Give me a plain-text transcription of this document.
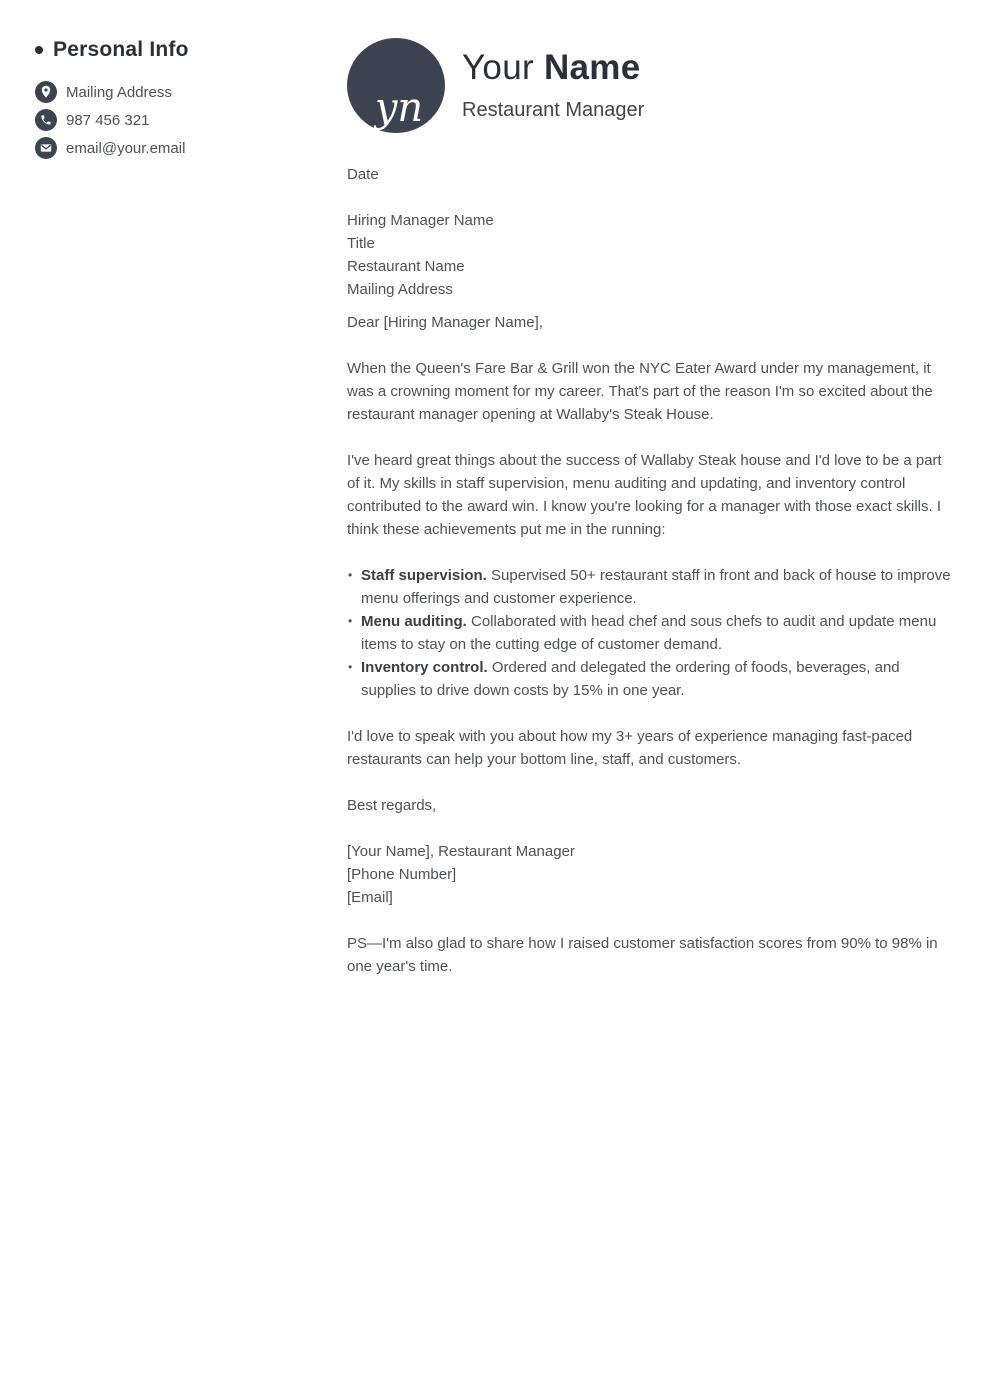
Personal Info
Mailing Address
987 456 321
email@your.email
yn
Your Name
Restaurant Manager

Date

Hiring Manager Name
Title
Restaurant Name
Mailing Address

Dear [Hiring Manager Name],

When the Queen's Fare Bar & Grill won the NYC Eater Award under my management, it was a crowning moment for my career. That's part of the reason I'm so excited about the restaurant manager opening at Wallaby's Steak House.

I've heard great things about the success of Wallaby Steak house and I'd love to be a part of it. My skills in staff supervision, menu auditing and updating, and inventory control contributed to the award win. I know you're looking for a manager with those exact skills. I think these achievements put me in the running:

• Staff supervision. Supervised 50+ restaurant staff in front and back of house to improve menu offerings and customer experience.
• Menu auditing. Collaborated with head chef and sous chefs to audit and update menu items to stay on the cutting edge of customer demand.
• Inventory control. Ordered and delegated the ordering of foods, beverages, and supplies to drive down costs by 15% in one year.

I'd love to speak with you about how my 3+ years of experience managing fast-paced restaurants can help your bottom line, staff, and customers.

Best regards,

[Your Name], Restaurant Manager
[Phone Number]
[Email]

PS—I'm also glad to share how I raised customer satisfaction scores from 90% to 98% in one year's time.
